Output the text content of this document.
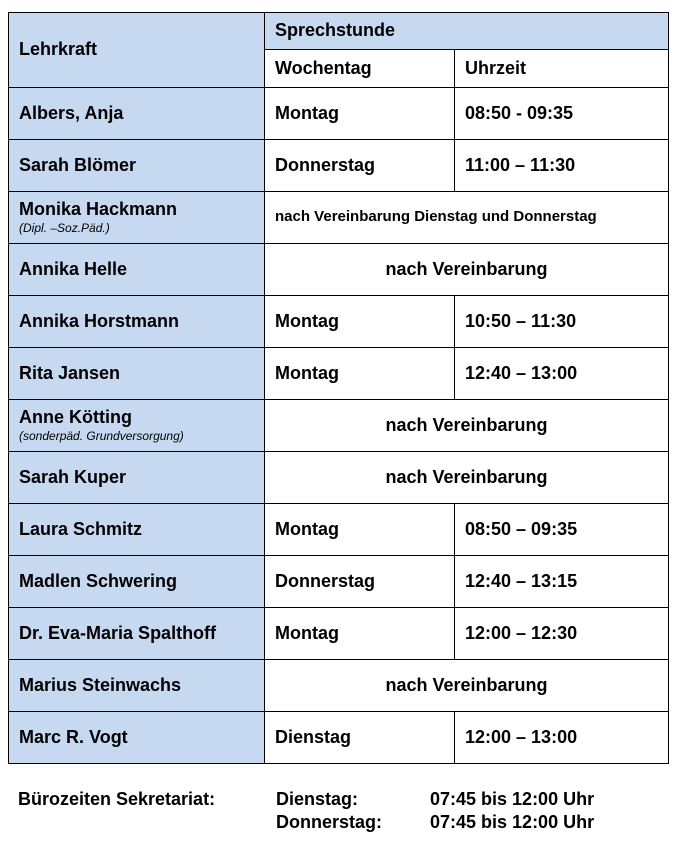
Lehrkraft	Sprechstunde	
	Wochentag	Uhrzeit
Albers, Anja	Montag	08:50 - 09:35
Sarah Blömer	Donnerstag	11:00 – 11:30
Monika Hackmann
(Dipl. –Soz.Päd.)	nach Vereinbarung Dienstag und Donnerstag	
Annika Helle	nach Vereinbarung	
Annika Horstmann	Montag	10:50 – 11:30
Rita Jansen	Montag	12:40 – 13:00
Anne Kötting
(sonderpäd. Grundversorgung)	nach Vereinbarung	
Sarah Kuper	nach Vereinbarung	
Laura Schmitz	Montag	08:50 – 09:35
Madlen Schwering	Donnerstag	12:40 – 13:15
Dr. Eva-Maria Spalthoff	Montag	12:00 – 12:30
Marius Steinwachs	nach Vereinbarung	
Marc R. Vogt	Dienstag	12:00 – 13:00
Bürozeiten Sekretariat:	Dienstag:	07:45 bis 12:00 Uhr
Donnerstag:	07:45 bis 12:00 Uhr
